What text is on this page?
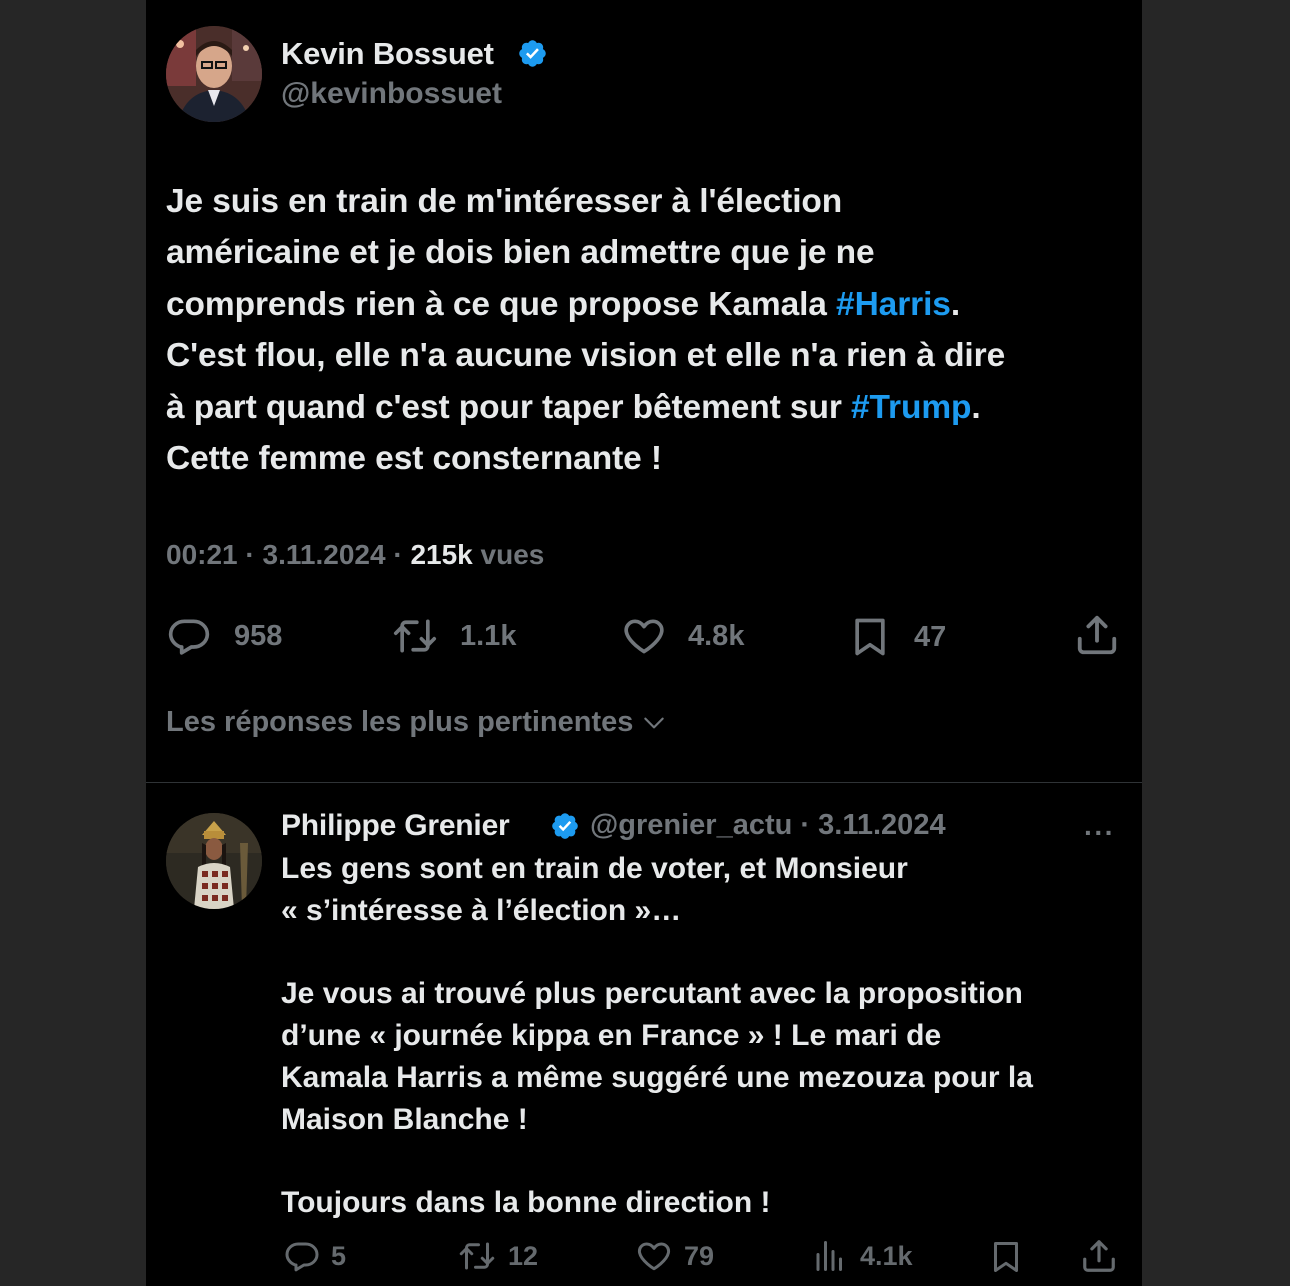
Kevin Bossuet
@kevinbossuet
Je suis en train de m'intéresser à l'élection
américaine et je dois bien admettre que je ne
comprends rien à ce que propose Kamala #Harris.
C'est flou, elle n'a aucune vision et elle n'a rien à dire
à part quand c'est pour taper bêtement sur #Trump.
Cette femme est consternante !
00:21 · 3.11.2024 · 215k vues
958	1.1k	4.8k	47
Les réponses les plus pertinentes
Philippe Grenier	@grenier_actu · 3.11.2024	···

Les gens sont en train de voter, et Monsieur

« s’intéresse à l’élection »…

Je vous ai trouvé plus percutant avec la proposition

d’une « journée kippa en France » ! Le mari de

Kamala Harris a même suggéré une mezouza pour la

Maison Blanche !

Toujours dans la bonne direction !

5	12	79	4.1k
